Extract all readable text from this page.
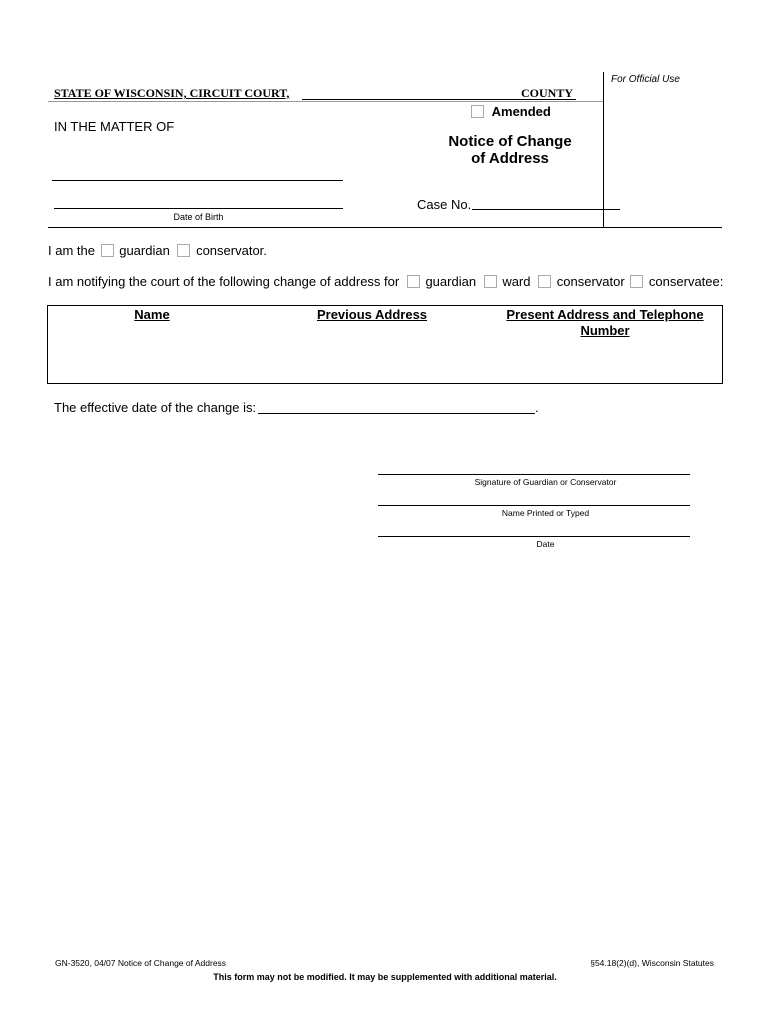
For Official Use
STATE OF WISCONSIN, CIRCUIT COURT,	COUNTY
Amended
IN THE MATTER OF
Date of Birth
Notice of Change
of Address
Case No.
I am the guardian conservator.
I am notifying the court of the following change of address for guardian ward conservator conservatee:
Name	Previous Address	Present Address and Telephone Number
The effective date of the change is:	.
Signature of Guardian or Conservator
Name Printed or Typed
Date
GN-3520, 04/07 Notice of Change of Address	§54.18(2)(d), Wisconsin Statutes
This form may not be modified. It may be supplemented with additional material.
